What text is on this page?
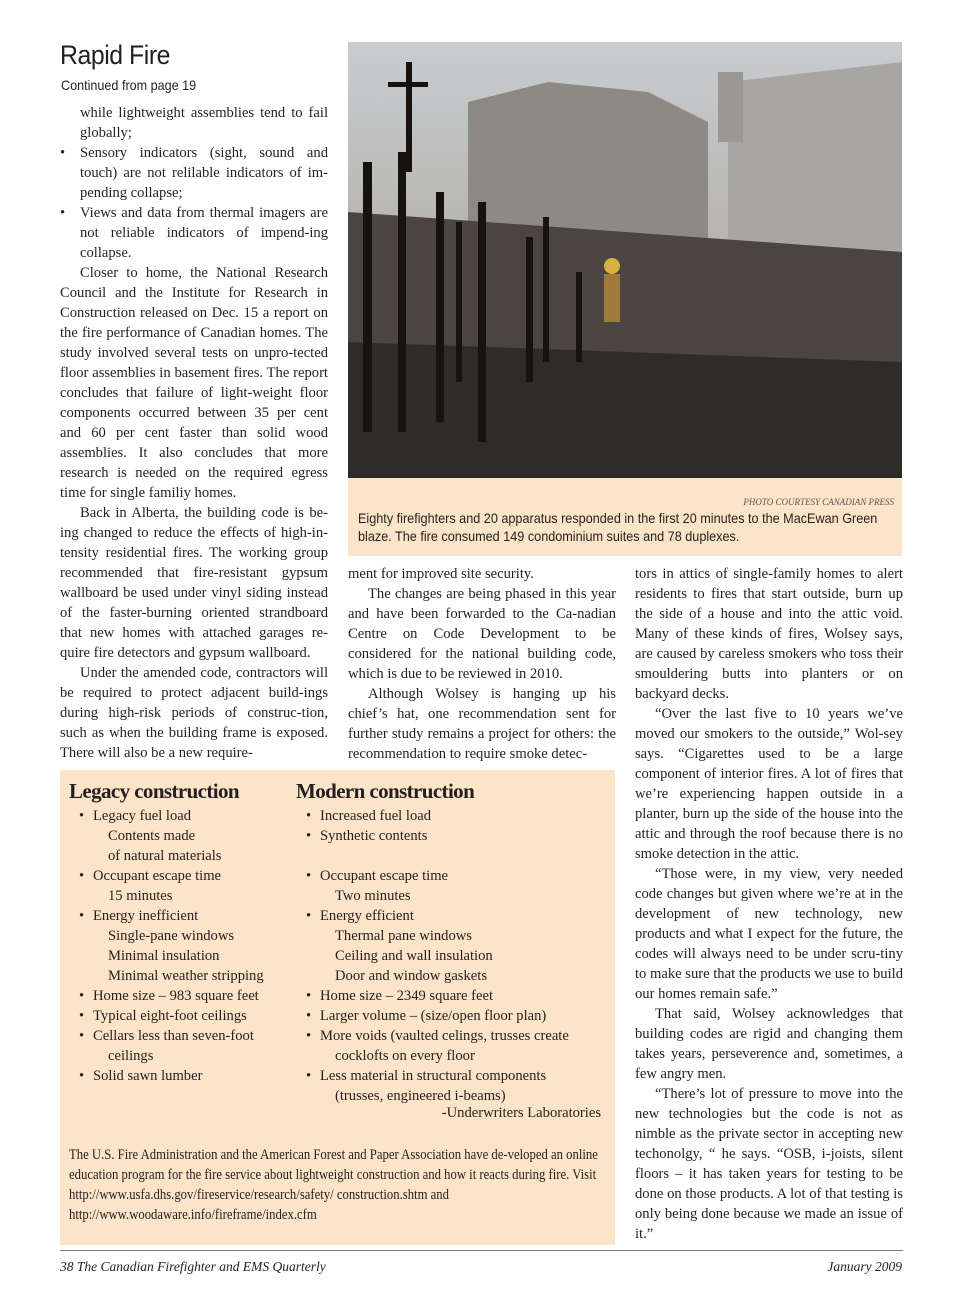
Rapid Fire
Continued from page 19
while lightweight assemblies tend to fail globally;
• Sensory indicators (sight, sound and touch) are not relilable indicators of im-pending collapse;
• Views and data from thermal imagers are not reliable indicators of impend-ing collapse.

Closer to home, the National Research Council and the Institute for Research in Construction released on Dec. 15 a report on the fire performance of Canadian homes. The study involved several tests on unpro-tected floor assemblies in basement fires. The report concludes that failure of light-weight floor components occurred between 35 per cent and 60 per cent faster than solid wood assemblies. It also concludes that more research is needed on the required egress time for single familiy homes.

Back in Alberta, the building code is be-ing changed to reduce the effects of high-in-tensity residential fires. The working group recommended that fire-resistant gypsum wallboard be used under vinyl siding instead of the faster-burning oriented strandboard that new homes with attached garages re-quire fire detectors and gypsum wallboard.

Under the amended code, contractors will be required to protect adjacent build-ings during high-risk periods of construc-tion, such as when the building frame is exposed. There will also be a new require-

PHOTO COURTESY CANADIAN PRESS
Eighty firefighters and 20 apparatus responded in the first 20 minutes to the MacEwan Green blaze. The fire consumed 149 condominium suites and 78 duplexes.

ment for improved site security.

The changes are being phased in this year and have been forwarded to the Ca-nadian Centre on Code Development to be considered for the national building code, which is due to be reviewed in 2010.

Although Wolsey is hanging up his chief’s hat, one recommendation sent for further study remains a project for others: the recommendation to require smoke detec-

tors in attics of single-family homes to alert residents to fires that start outside, burn up the side of a house and into the attic void. Many of these kinds of fires, Wolsey says, are caused by careless smokers who toss their smouldering butts into planters or on backyard decks.

“Over the last five to 10 years we’ve moved our smokers to the outside,” Wol-sey says. “Cigarettes used to be a large component of interior fires. A lot of fires that we’re experiencing happen outside in a planter, burn up the side of the house into the attic and through the roof because there is no smoke detection in the attic.

“Those were, in my view, very needed code changes but given where we’re at in the development of new technology, new products and what I expect for the future, the codes will always need to be under scru-tiny to make sure that the products we use to build our homes remain safe.”

That said, Wolsey acknowledges that building codes are rigid and changing them takes years, perseverence and, sometimes, a few angry men.

“There’s lot of pressure to move into the new technologies but the code is not as nimble as the private sector in accepting new techonolgy, “ he says. “OSB, i-joists, silent floors – it has taken years for testing to be done on those products. A lot of that testing is only being done because we made an issue of it.”

Legacy construction
• Legacy fuel load
Contents made
of natural materials
• Occupant escape time
15 minutes
• Energy inefficient
Single-pane windows
Minimal insulation
Minimal weather stripping
• Home size – 983 square feet
• Typical eight-foot ceilings
• Cellars less than seven-foot
ceilings
• Solid sawn lumber
Modern construction
• Increased fuel load
• Synthetic contents
• Occupant escape time
Two minutes
• Energy efficient
Thermal pane windows
Ceiling and wall insulation
Door and window gaskets
• Home size – 2349 square feet
• Larger volume – (size/open floor plan)
• More voids (vaulted celings, trusses create
cocklofts on every floor
• Less material in structural components
(trusses, engineered i-beams)
-Underwriters Laboratories
The U.S. Fire Administration and the American Forest and Paper Association have de-veloped an online education program for the fire service about lightweight construction and how it reacts during fire. Visit http://www.usfa.dhs.gov/fireservice/research/safety/ construction.shtm and http://www.woodaware.info/fireframe/index.cfm
38 The Canadian Firefighter and EMS Quarterly	January 2009
